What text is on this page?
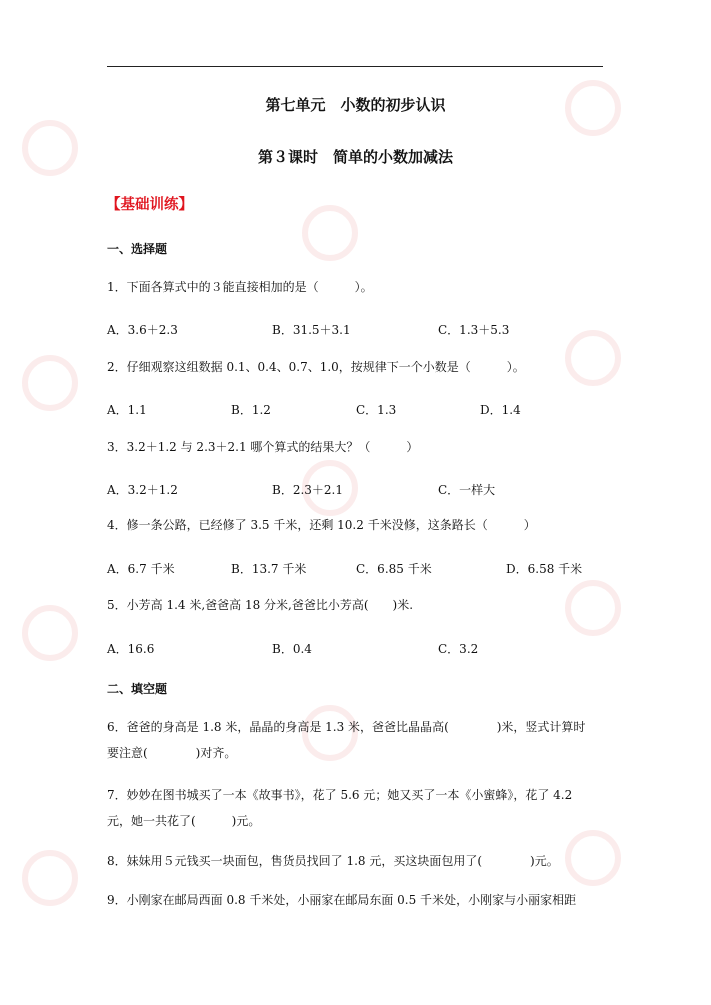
第七单元　小数的初步认识
第３课时　简单的小数加减法
【基础训练】
一、选择题
1．下面各算式中的３能直接相加的是（　　　）。
A．3.6＋2.3	B．31.5＋3.1	C．1.3＋5.3
2．仔细观察这组数据 0.1、0.4、0.7、1.0，按规律下一个小数是（　　　）。
A．1.1	B．1.2	C．1.3	D．1.4
3．3.2＋1.2 与 2.3＋2.1 哪个算式的结果大？（　　　）
A．3.2＋1.2	B．2.3＋2.1	C．一样大
4．修一条公路，已经修了 3.5 千米，还剩 10.2 千米没修，这条路长（　　　）
A．6.7 千米	B．13.7 千米	C．6.85 千米	D．6.58 千米
5．小芳高 1.4 米,爸爸高 18 分米,爸爸比小芳高(　　)米.
A．16.6	B．0.4	C．3.2
二、填空题
6．爸爸的身高是 1.8 米，晶晶的身高是 1.3 米，爸爸比晶晶高(　　　　)米，竖式计算时
要注意(　　　　)对齐。
7．妙妙在图书城买了一本《故事书》，花了 5.6 元；她又买了一本《小蜜蜂》，花了 4.2
元，她一共花了(　　　)元。
8．妹妹用５元钱买一块面包，售货员找回了 1.8 元，买这块面包用了(　　　　)元。
9．小刚家在邮局西面 0.8 千米处，小丽家在邮局东面 0.5 千米处，小刚家与小丽家相距
